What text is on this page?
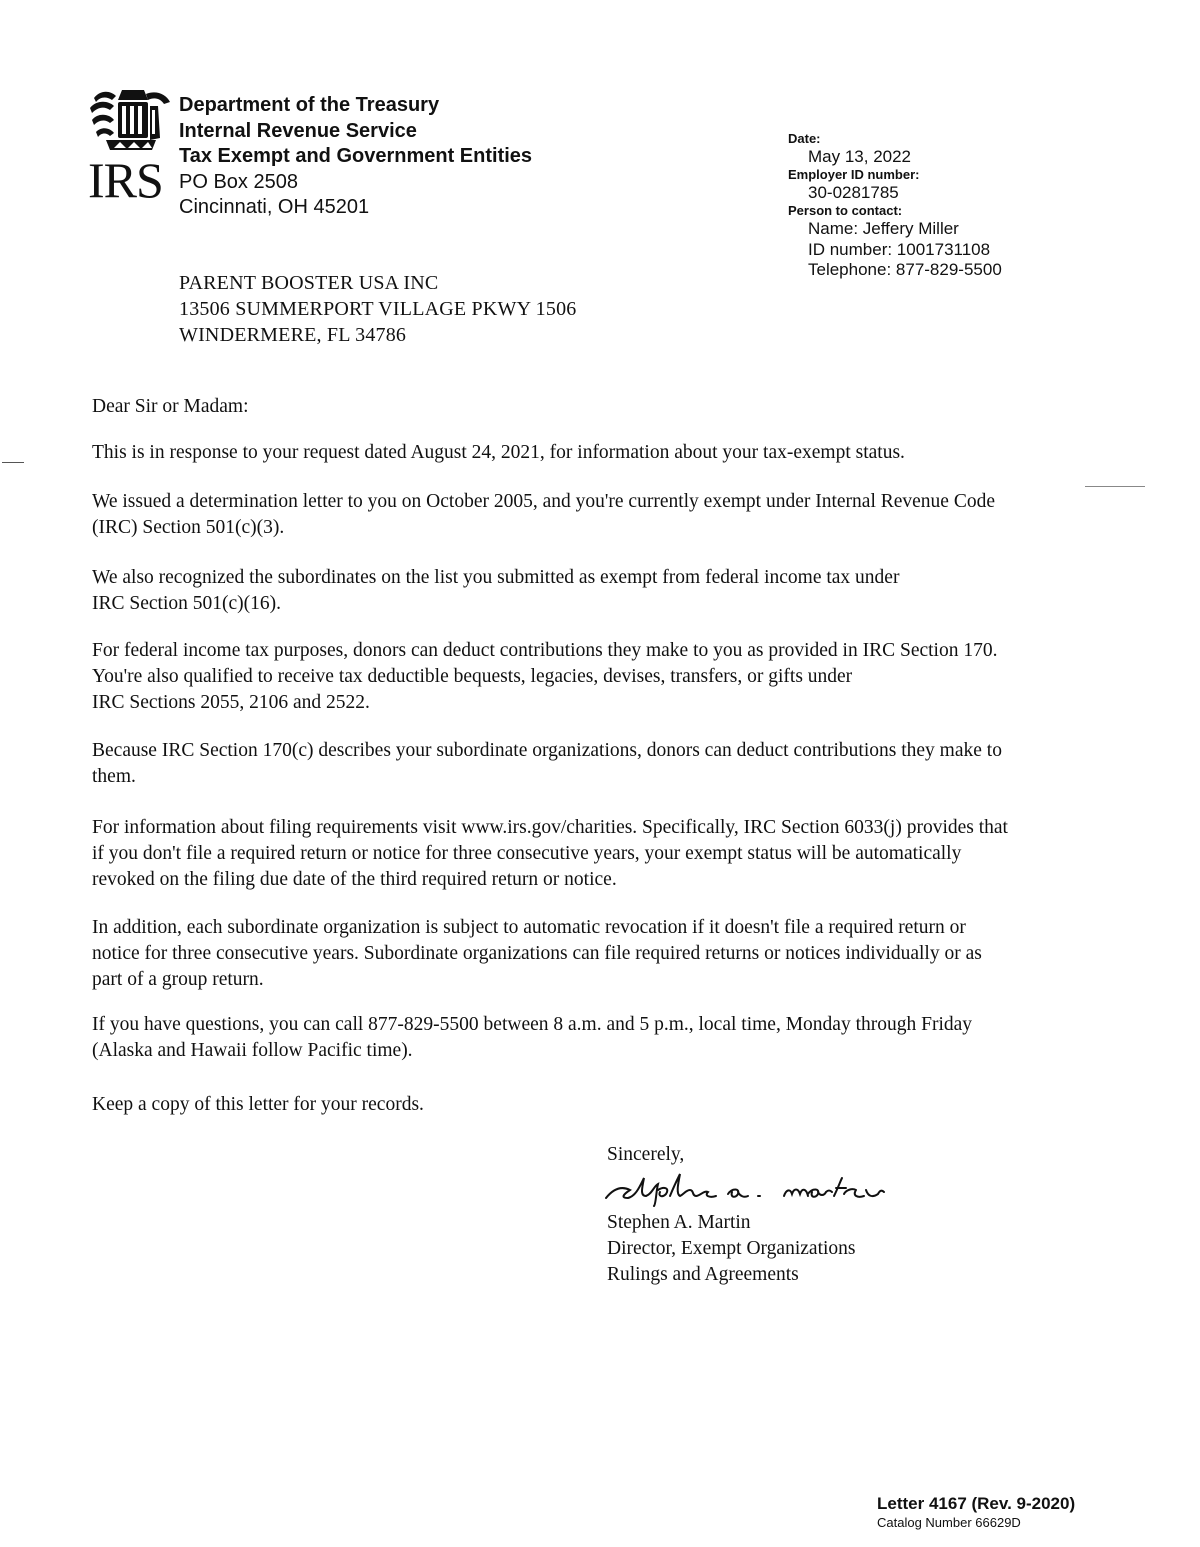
IRS
Department of the Treasury
Internal Revenue Service
Tax Exempt and Government Entities
PO Box 2508
Cincinnati, OH 45201
Date:
May 13, 2022
Employer ID number:
30-0281785
Person to contact:
Name: Jeffery Miller
ID number: 1001731108
Telephone: 877-829-5500
PARENT BOOSTER USA INC
13506 SUMMERPORT VILLAGE PKWY 1506
WINDERMERE, FL 34786
Dear Sir or Madam:
This is in response to your request dated August 24, 2021, for information about your tax-exempt status.
We issued a determination letter to you on October 2005, and you're currently exempt under Internal Revenue Code
(IRC) Section 501(c)(3).
We also recognized the subordinates on the list you submitted as exempt from federal income tax under
IRC Section 501(c)(16).
For federal income tax purposes, donors can deduct contributions they make to you as provided in IRC Section 170.
You're also qualified to receive tax deductible bequests, legacies, devises, transfers, or gifts under
IRC Sections 2055, 2106 and 2522.
Because IRC Section 170(c) describes your subordinate organizations, donors can deduct contributions they make to
them.
For information about filing requirements visit www.irs.gov/charities. Specifically, IRC Section 6033(j) provides that
if you don't file a required return or notice for three consecutive years, your exempt status will be automatically
revoked on the filing due date of the third required return or notice.
In addition, each subordinate organization is subject to automatic revocation if it doesn't file a required return or
notice for three consecutive years. Subordinate organizations can file required returns or notices individually or as
part of a group return.
If you have questions, you can call 877-829-5500 between 8 a.m. and 5 p.m., local time, Monday through Friday
(Alaska and Hawaii follow Pacific time).
Keep a copy of this letter for your records.
Sincerely,
Stephen A. Martin
Director, Exempt Organizations
Rulings and Agreements
Letter 4167 (Rev. 9-2020)
Catalog Number 66629D
